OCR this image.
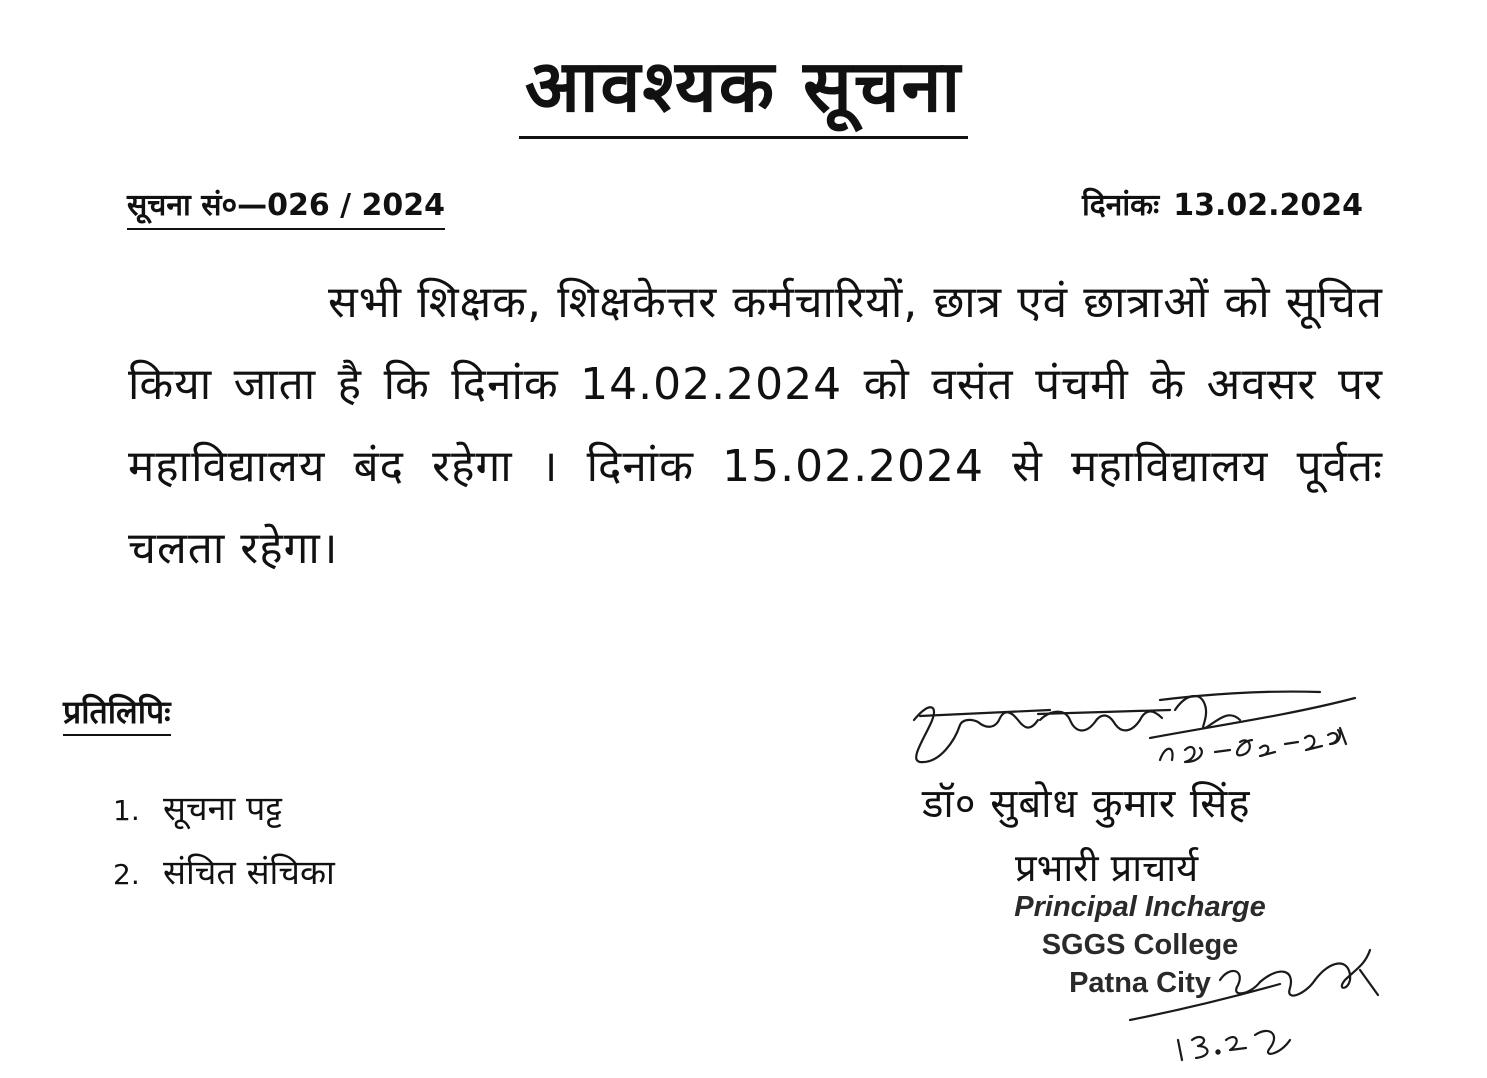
आवश्यक सूचना
सूचना सं०—026 / 2024	दिनांकः 13.02.2024

सभी शिक्षक, शिक्षकेत्तर कर्मचारियों, छात्र एवं छात्राओं को सूचित किया जाता है कि दिनांक 14.02.2024 को वसंत पंचमी के अवसर पर महाविद्यालय बंद रहेगा । दिनांक 15.02.2024 से महाविद्यालय पूर्वतः चलता रहेगा।

प्रतिलिपिः
1. सूचना पट्ट
2. संचित संचिका
डॉ० सुबोध कुमार सिंह
प्रभारी प्राचार्य
Principal Incharge
SGGS College
Patna City
